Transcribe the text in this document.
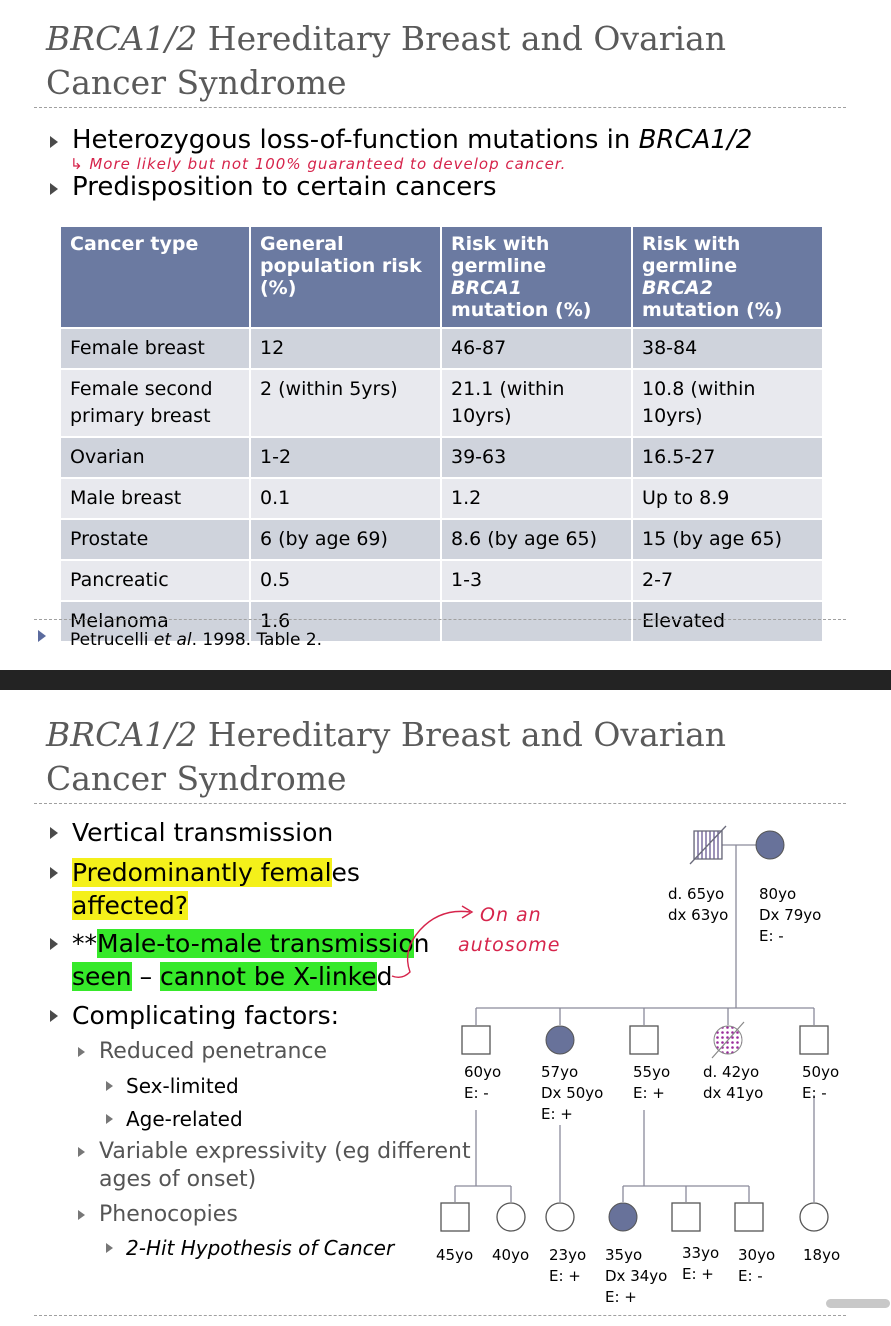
BRCA1/2 Hereditary Breast and Ovarian
Cancer Syndrome
Heterozygous loss-of-function mutations in BRCA1/2
↳ More likely but not 100% guaranteed to develop cancer.
Predisposition to certain cancers
Cancer type	General population risk (%)	Risk with germline BRCA1 mutation (%)	Risk with germline BRCA2 mutation (%)
Female breast	12	46-87	38-84
Female second primary breast	2 (within 5yrs)	21.1 (within 10yrs)	10.8 (within 10yrs)
Ovarian	1-2	39-63	16.5-27
Male breast	0.1	1.2	Up to 8.9
Prostate	6 (by age 69)	8.6 (by age 65)	15 (by age 65)
Pancreatic	0.5	1-3	2-7
Melanoma	1.6		Elevated
Petrucelli et al. 1998. Table 2.
BRCA1/2 Hereditary Breast and Ovarian
Cancer Syndrome
Vertical transmission
Predominantly females
affected?
**Male-to-male transmission
seen – cannot be X-linked
Complicating factors:
Reduced penetrance
Sex-limited
Age-related
Variable expressivity (eg different
ages of onset)
Phenocopies
2-Hit Hypothesis of Cancer
On an
autosome
d. 65yo
dx 63yo
80yo
Dx 79yo
E: -
60yo
E: -
57yo
Dx 50yo
E: +
55yo
E: +
d. 42yo
dx 41yo
50yo
E: -
45yo 40yo 23yo
E: +
35yo
Dx 34yo
E: +
33yo
E: +
30yo
E: -
18yo
